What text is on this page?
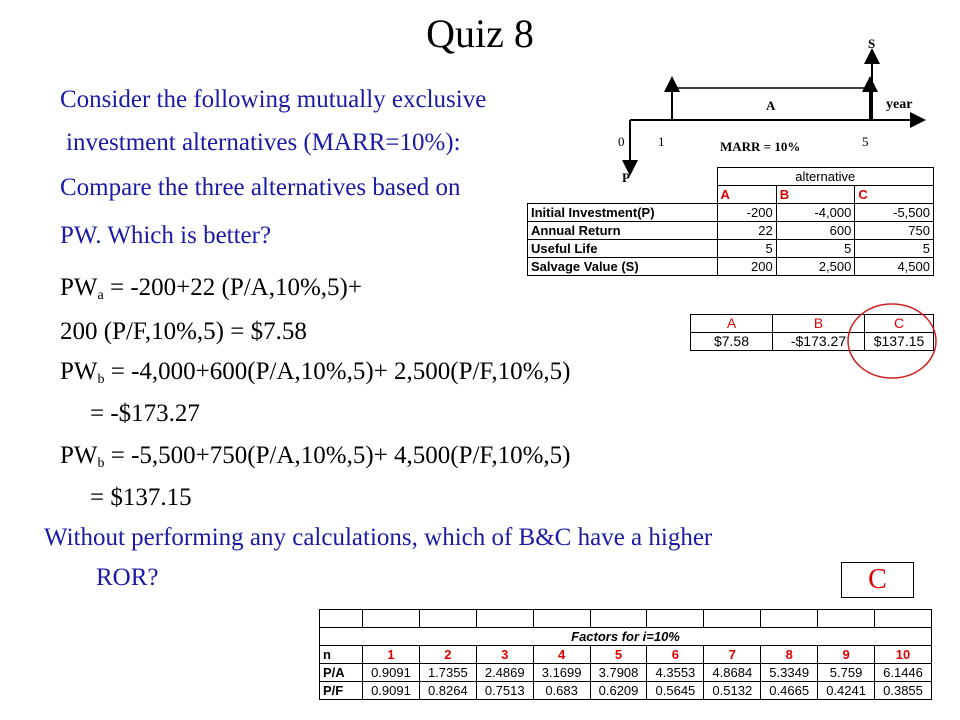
Quiz 8
Consider the following mutually exclusive
investment alternatives (MARR=10%):
Compare the three alternatives based on
PW. Which is better?
S
A	year
0	1	5
MARR = 10%
P
		alternative		
	A	B	C
Initial Investment(P)	-200	-4,000	-5,500
Annual Return	22	600	750
Useful Life	5	5	5
Salvage Value (S)	200	2,500	4,500
A	B	C
$7.58	-$173.27	$137.15
$PW_a = -200+22$ (P/A,10%,5)+
200 (P/F,10%,5) = $7.58
$PW_b = -4,000+600(P/A,10\%,5)+ 2,500(P/F,10\%,5)$
= -$173.27
$PW_b = -5,500+750(P/A,10\%,5)+ 4,500(P/F,10\%,5)$
= $137.15
Without performing any calculations, which of B&C have a higher
ROR?	C

Factors for i=10%										
n	1	2	3	4	5	6	7	8	9	10
P/A	0.9091	1.7355	2.4869	3.1699	3.7908	4.3553	4.8684	5.3349	5.759	6.1446
P/F	0.9091	0.8264	0.7513	0.683	0.6209	0.5645	0.5132	0.4665	0.4241	0.3855
